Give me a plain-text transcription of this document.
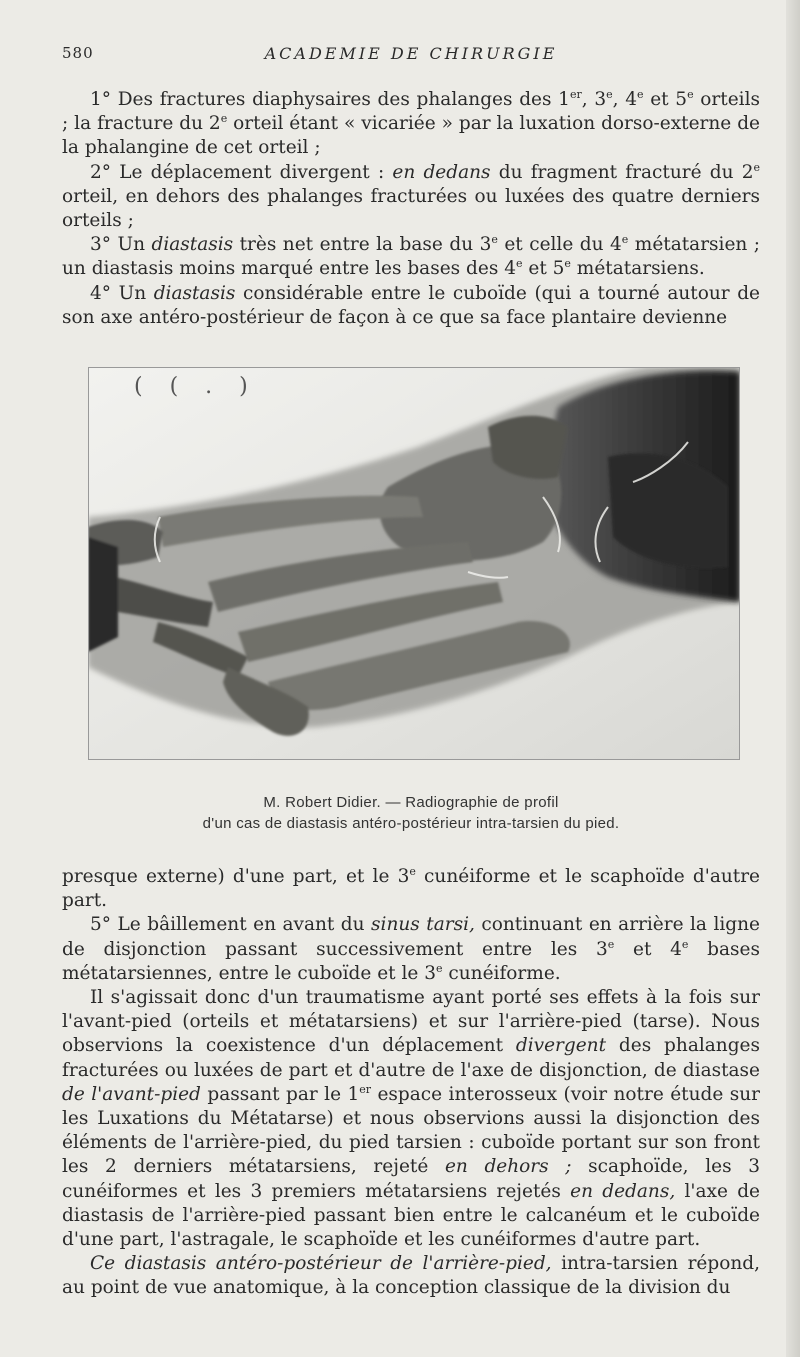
580	ACADEMIE DE CHIRURGIE

1° Des fractures diaphysaires des phalanges des 1er, 3e, 4e et 5e orteils ; la fracture du 2e orteil étant « vicariée » par la luxation dorso-externe de la phalangine de cet orteil ;

2° Le déplacement divergent : en dedans du fragment fracturé du 2e orteil, en dehors des phalanges fracturées ou luxées des quatre derniers orteils ;

3° Un diastasis très net entre la base du 3e et celle du 4e métatarsien ; un diastasis moins marqué entre les bases des 4e et 5e métatarsiens.

4° Un diastasis considérable entre le cuboïde (qui a tourné autour de son axe antéro-postérieur de façon à ce que sa face plantaire devienne

( ( . )
M. Robert Didier. — Radiographie de profil
d'un cas de diastasis antéro-postérieur intra-tarsien du pied.

presque externe) d'une part, et le 3e cunéiforme et le scaphoïde d'autre part.

5° Le bâillement en avant du sinus tarsi, continuant en arrière la ligne de disjonction passant successivement entre les 3e et 4e bases métatarsiennes, entre le cuboïde et le 3e cunéiforme.

Il s'agissait donc d'un traumatisme ayant porté ses effets à la fois sur l'avant-pied (orteils et métatarsiens) et sur l'arrière-pied (tarse). Nous observions la coexistence d'un déplacement divergent des phalanges fracturées ou luxées de part et d'autre de l'axe de disjonction, de diastase de l'avant-pied passant par le 1er espace interosseux (voir notre étude sur les Luxations du Métatarse) et nous observions aussi la disjonction des éléments de l'arrière-pied, du pied tarsien : cuboïde portant sur son front les 2 derniers métatarsiens, rejeté en dehors ; scaphoïde, les 3 cunéiformes et les 3 premiers métatarsiens rejetés en dedans, l'axe de diastasis de l'arrière-pied passant bien entre le calcanéum et le cuboïde d'une part, l'astragale, le scaphoïde et les cunéiformes d'autre part.

Ce diastasis antéro-postérieur de l'arrière-pied, intra-tarsien répond, au point de vue anatomique, à la conception classique de la division du
